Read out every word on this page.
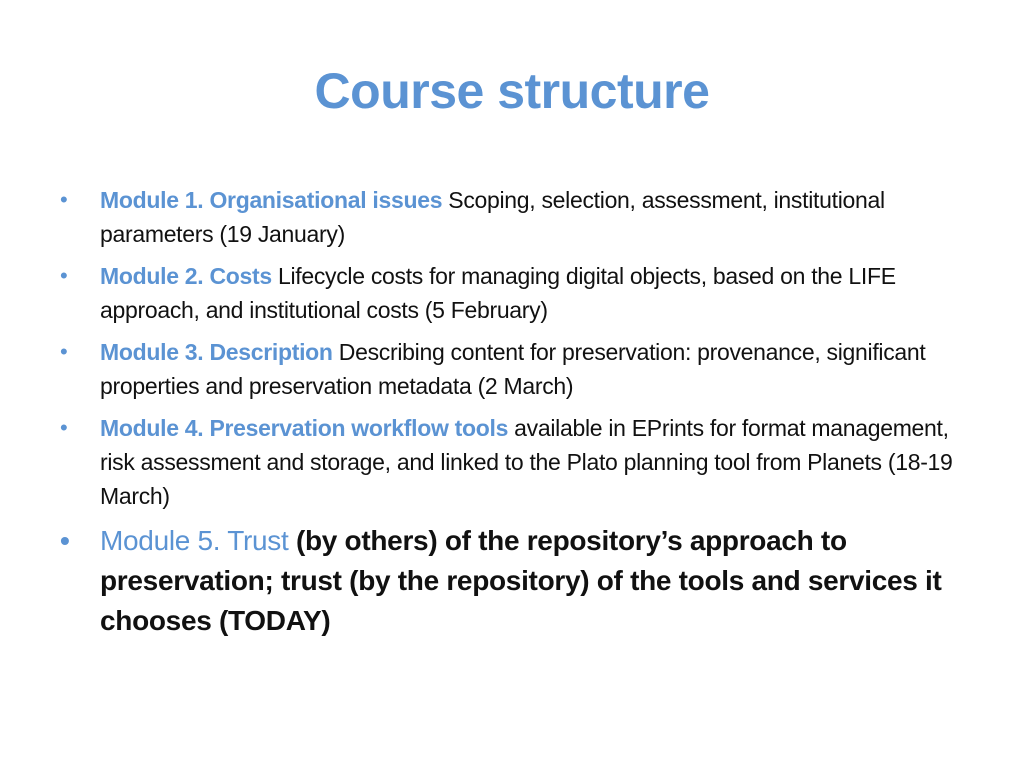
Course structure
• Module 1. Organisational issues Scoping, selection, assessment, institutional parameters (19 January)
• Module 2. Costs Lifecycle costs for managing digital objects, based on the LIFE approach, and institutional costs (5 February)
• Module 3. Description Describing content for preservation: provenance, significant properties and preservation metadata (2 March)
• Module 4. Preservation workflow tools available in EPrints for format management, risk assessment and storage, and linked to the Plato planning tool from Planets (18-19 March)
• Module 5. Trust (by others) of the repository’s approach to preservation; trust (by the repository) of the tools and services it chooses (TODAY)
